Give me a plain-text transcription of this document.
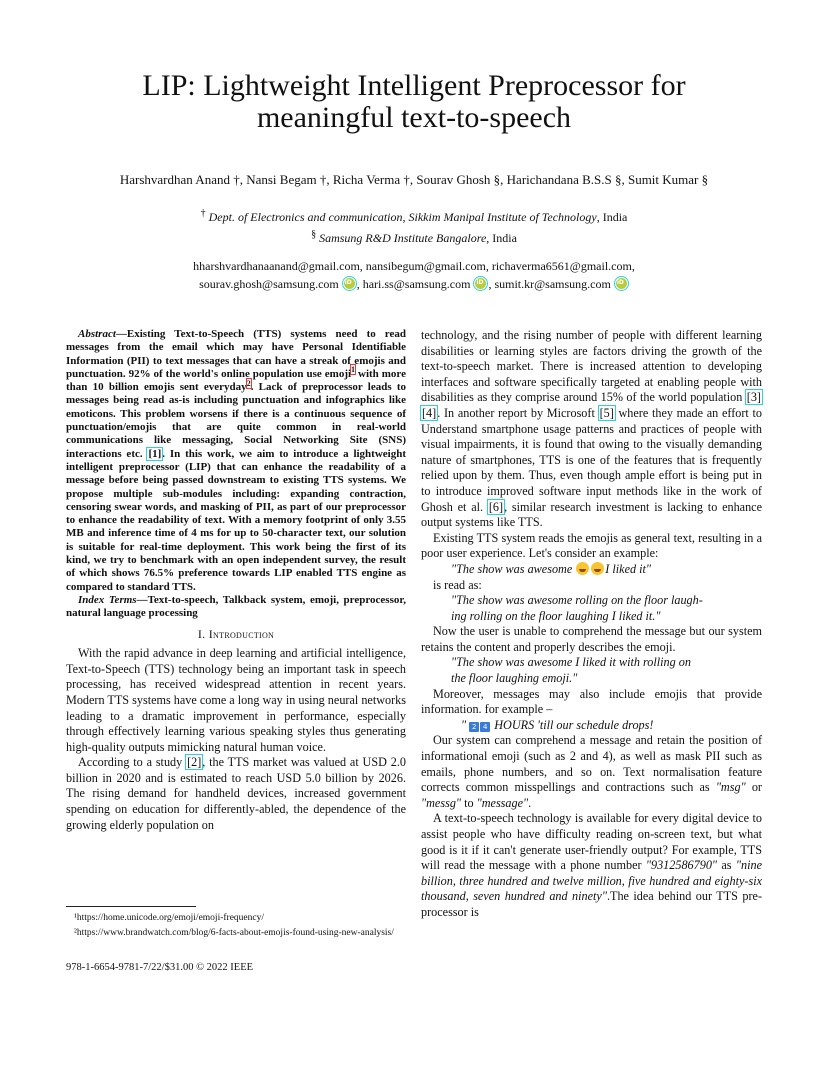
LIP: Lightweight Intelligent Preprocessor for
meaningful text-to-speech
Harshvardhan Anand †, Nansi Begam †, Richa Verma †, Sourav Ghosh §, Harichandana B.S.S §, Sumit Kumar §
† Dept. of Electronics and communication, Sikkim Manipal Institute of Technology, India
§ Samsung R&D Institute Bangalore, India
hharshvardhanaanand@gmail.com, nansibegum@gmail.com, richaverma6561@gmail.com,
sourav.ghosh@samsung.com iD , hari.ss@samsung.com iD , sumit.kr@samsung.com iD

Abstract—Existing Text-to-Speech (TTS) systems need to read messages from the email which may have Personal Identifiable Information (PII) to text messages that can have a streak of emojis and punctuation. 92% of the world's online population use emoji$^1$ with more than 10 billion emojis sent everyday$^2$. Lack of preprocessor leads to messages being read as-is including punctuation and infographics like emoticons. This problem worsens if there is a continuous sequence of punctuation/emojis that are quite common in real-world communications like messaging, Social Networking Site (SNS) interactions etc. [1]. In this work, we aim to introduce a lightweight intelligent preprocessor (LIP) that can enhance the readability of a message before being passed downstream to existing TTS systems. We propose multiple sub-modules including: expanding contraction, censoring swear words, and masking of PII, as part of our preprocessor to enhance the readability of text. With a memory footprint of only 3.55 MB and inference time of 4 ms for up to 50-character text, our solution is suitable for real-time deployment. This work being the first of its kind, we try to benchmark with an open independent survey, the result of which shows 76.5% preference towards LIP enabled TTS engine as compared to standard TTS.

Index Terms—Text-to-speech, Talkback system, emoji, preprocessor, natural language processing

I. Introduction

With the rapid advance in deep learning and artificial intelligence, Text-to-Speech (TTS) technology being an important task in speech processing, has received widespread attention in recent years. Modern TTS systems have come a long way in using neural networks leading to a dramatic improvement in performance, especially through effectively learning various speaking styles thus generating high-quality outputs mimicking natural human voice.

According to a study [2], the TTS market was valued at USD 2.0 billion in 2020 and is estimated to reach USD 5.0 billion by 2026. The rising demand for handheld devices, increased government spending on education for differently-abled, the dependence of the growing elderly population on

¹https://home.unicode.org/emoji/emoji-frequency/

²https://www.brandwatch.com/blog/6-facts-about-emojis-found-using-new-analysis/

978-1-6654-9781-7/22/$31.00 © 2022 IEEE

technology, and the rising number of people with different learning disabilities or learning styles are factors driving the growth of the text-to-speech market. There is increased attention to developing interfaces and software specifically targeted at enabling people with disabilities as they comprise around 15% of the world population [3] [4]. In another report by Microsoft [5] where they made an effort to Understand smartphone usage patterns and practices of people with visual impairments, it is found that owing to the visually demanding nature of smartphones, TTS is one of the features that is frequently relied upon by them. Thus, even though ample effort is being put in to introduce improved software input methods like in the work of Ghosh et al. [6], similar research investment is lacking to enhance output systems like TTS.

Existing TTS system reads the emojis as general text, resulting in a poor user experience. Let's consider an example:

"The show was awesome I liked it"

is read as:

"The show was awesome rolling on the floor laugh-
ing rolling on the floor laughing I liked it."

Now the user is unable to comprehend the message but our system retains the content and properly describes the emoji.

"The show was awesome I liked it with rolling on
the floor laughing emoji."

Moreover, messages may also include emojis that provide information. for example –

" 2 4 HOURS 'till our schedule drops!

Our system can comprehend a message and retain the position of informational emoji (such as 2 and 4), as well as mask PII such as emails, phone numbers, and so on. Text normalisation feature corrects common misspellings and contractions such as "msg" or "messg" to "message".

A text-to-speech technology is available for every digital device to assist people who have difficulty reading on-screen text, but what good is it if it can't generate user-friendly output? For example, TTS will read the message with a phone number "9312586790" as "nine billion, three hundred and twelve million, five hundred and eighty-six thousand, seven hundred and ninety".The idea behind our TTS pre-processor is
